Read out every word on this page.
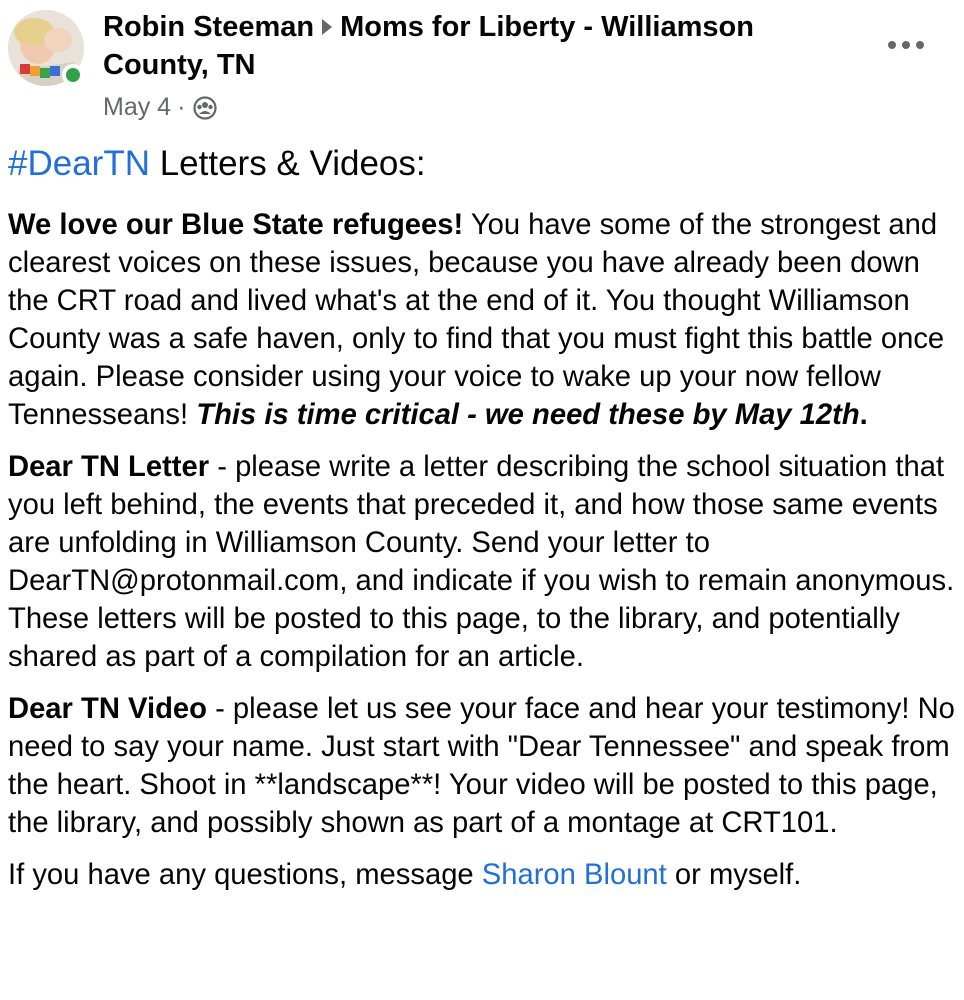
Robin Steeman Moms for Liberty - Williamson
County, TN
May 4 ·
#DearTN Letters & Videos:

We love our Blue State refugees! You have some of the strongest and clearest voices on these issues, because you have already been down the CRT road and lived what's at the end of it. You thought Williamson County was a safe haven, only to find that you must fight this battle once again. Please consider using your voice to wake up your now fellow Tennesseans! This is time critical - we need these by May 12th.

Dear TN Letter - please write a letter describing the school situation that you left behind, the events that preceded it, and how those same events are unfolding in Williamson County. Send your letter to DearTN@protonmail.com, and indicate if you wish to remain anonymous. These letters will be posted to this page, to the library, and potentially shared as part of a compilation for an article.

Dear TN Video - please let us see your face and hear your testimony! No need to say your name. Just start with "Dear Tennessee" and speak from the heart. Shoot in **landscape**! Your video will be posted to this page, the library, and possibly shown as part of a montage at CRT101.

If you have any questions, message Sharon Blount or myself.
